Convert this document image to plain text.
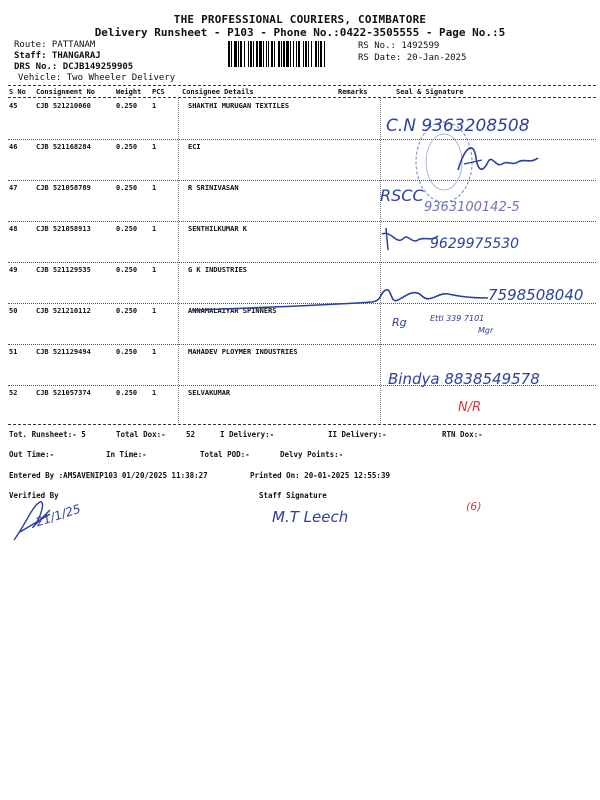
THE PROFESSIONAL COURIERS, COIMBATORE
Delivery Runsheet - P103 - Phone No.:0422-3505555 - Page No.:5
Route: PATTANAM
Staff: THANGARAJ
DRS No.: DCJB149259905
Vehicle: Two Wheeler Delivery
RS No.: 1492599
RS Date: 20-Jan-2025
S No Consignment No	Weight PCS Consignee Details	Remarks	Seal & Signature
45	CJB 521210060	0.250 1	SHAKTHI MURUGAN TEXTILES
46	CJB 521168284	0.250 1	ECI
47	CJB 521058789	0.250 1	R SRINIVASAN
48	CJB 521058913	0.250 1	SENTHILKUMAR K
49	CJB 521129535	0.250 1	G K INDUSTRIES
50	CJB 521210112	0.250 1	ANNAMALAIYAR SPINNERS
51	CJB 521129494	0.250 1	MAHADEV PLOYMER INDUSTRIES
52	CJB 521057374	0.250 1	SELVAKUMAR
Tot. Runsheet:- 5	Total Dox:-	52	I Delivery:-	II Delivery:-	RTN Dox:-
Out Time:-	In Time:-	Total POD:-	Delvy Points:-
Entered By :AMSAVENIP103 01/20/2025 11:38:27	Printed On: 20-01-2025 12:55:39
Verified By	Staff Signature
C.N 9363208508
RSCC
9363100142-5
9629975530
7598508040
Rg	Ettl 339 7101
Mgr
Bindya 8838549578
N/R
21/1/25	M.T Leech
(6)
